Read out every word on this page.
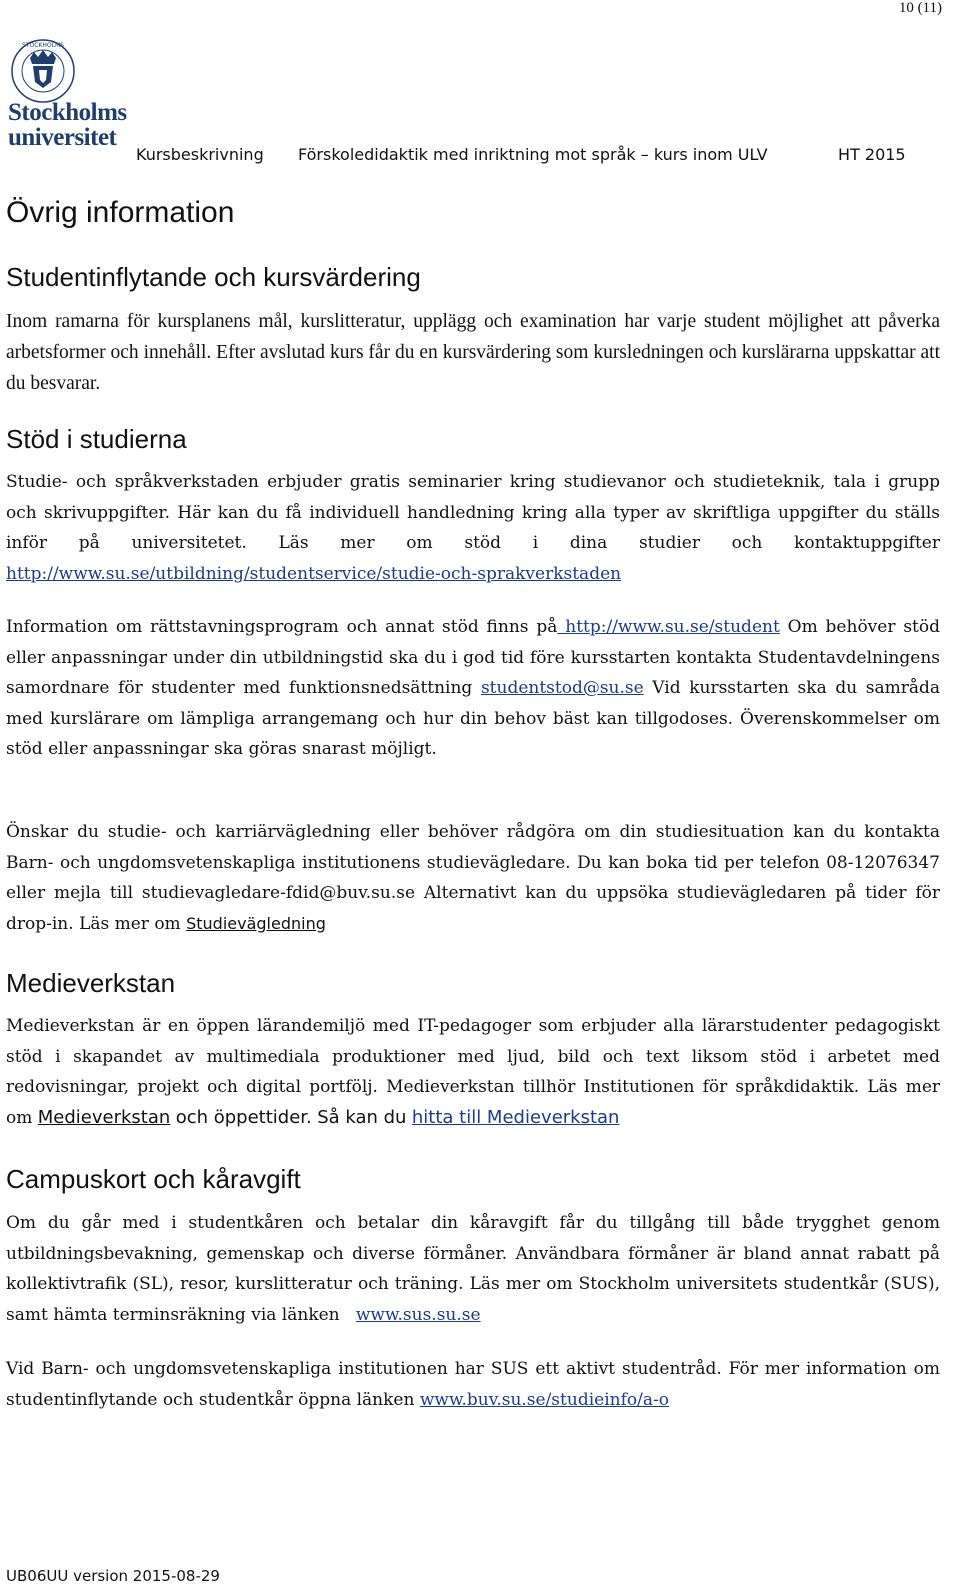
10 (11)
STOCKHOLMS
Stockholms
universitet
Kursbeskrivning Förskoledidaktik med inriktning mot språk – kurs inom ULV	HT 2015
Övrig information
Studentinflytande och kursvärdering

Inom ramarna för kursplanens mål, kurslitteratur, upplägg och examination har varje student möjlighet att påverka arbetsformer och innehåll. Efter avslutad kurs får du en kursvärdering som kursledningen och kurslärarna uppskattar att du besvarar.

Stöd i studierna

Studie- och språkverkstaden erbjuder gratis seminarier kring studievanor och studieteknik, tala i grupp och skrivuppgifter. Här kan du få individuell handledning kring alla typer av skriftliga uppgifter du ställs inför på universitetet. Läs mer om stöd i dina studier och kontaktuppgifter http://www.su.se/utbildning/studentservice/studie-och-sprakverkstaden

Information om rättstavningsprogram och annat stöd finns på http://www.su.se/student Om behöver stöd eller anpassningar under din utbildningstid ska du i god tid före kursstarten kontakta Studentavdelningens samordnare för studenter med funktionsnedsättning studentstod@su.se Vid kursstarten ska du samråda med kurslärare om lämpliga arrangemang och hur din behov bäst kan tillgodoses. Överenskommelser om stöd eller anpassningar ska göras snarast möjligt.

Önskar du studie- och karriärvägledning eller behöver rådgöra om din studiesituation kan du kontakta Barn- och ungdomsvetenskapliga institutionens studievägledare. Du kan boka tid per telefon 08-12076347 eller mejla till studievagledare-fdid@buv.su.se Alternativt kan du uppsöka studievägledaren på tider för drop-in. Läs mer om Studievägledning

Medieverkstan

Medieverkstan är en öppen lärandemiljö med IT-pedagoger som erbjuder alla lärarstudenter pedagogiskt stöd i skapandet av multimediala produktioner med ljud, bild och text liksom stöd i arbetet med redovisningar, projekt och digital portfölj. Medieverkstan tillhör Institutionen för språkdidaktik. Läs mer om Medieverkstan och öppettider. Så kan du hitta till Medieverkstan

Campuskort och kåravgift

Om du går med i studentkåren och betalar din kåravgift får du tillgång till både trygghet genom utbildningsbevakning, gemenskap och diverse förmåner. Användbara förmåner är bland annat rabatt på kollektivtrafik (SL), resor, kurslitteratur och träning. Läs mer om Stockholm universitets studentkår (SUS), samt hämta terminsräkning via länken www.sus.su.se

Vid Barn- och ungdomsvetenskapliga institutionen har SUS ett aktivt studentråd. För mer information om studentinflytande och studentkår öppna länken www.buv.su.se/studieinfo/a-o

UB06UU version 2015-08-29
